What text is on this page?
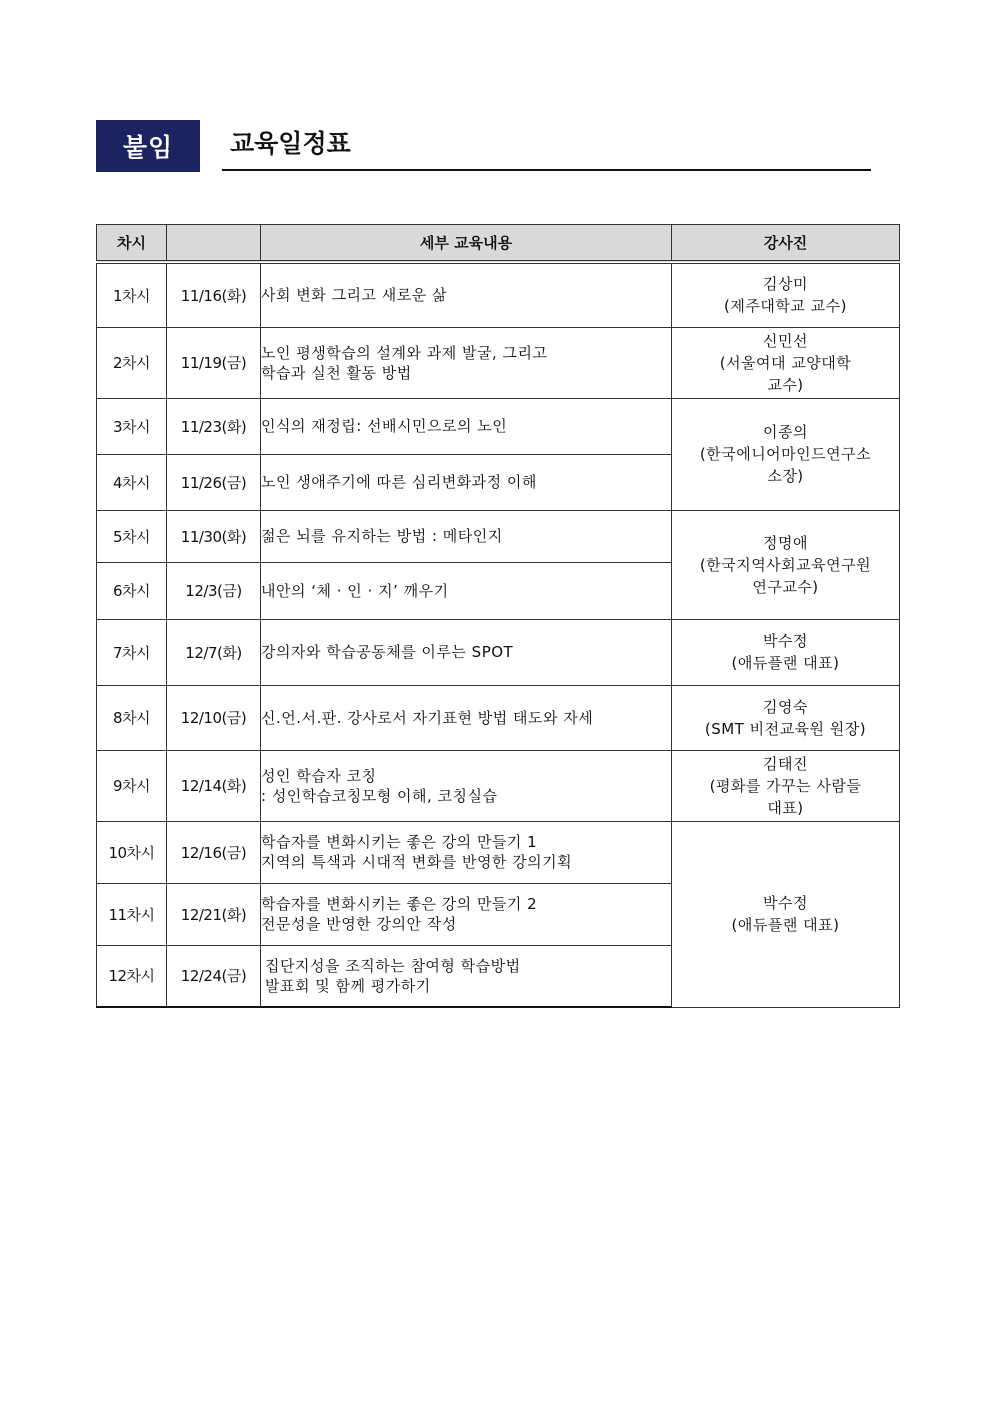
붙임	교육일정표
차시		세부 교육내용	강사진
1차시	11/16(화)	사회 변화 그리고 새로운 삶	김상미
(제주대학교 교수)

2차시	11/19(금)	노인 평생학습의 설계와 과제 발굴, 그리고
학습과 실천 활동 방법	신민선
(서울여대 교양대학
교수)

3차시	11/23(화)	인식의 재정립: 선배시민으로의 노인	이종의
(한국에니어마인드연구소
소장)

4차시	11/26(금)	노인 생애주기에 따른 심리변화과정 이해	

5차시	11/30(화)	젊은 뇌를 유지하는 방법 : 메타인지	정명애
(한국지역사회교육연구원
연구교수)

6차시	12/3(금)	내안의 ‘체 · 인 · 지’ 깨우기	

7차시	12/7(화)	강의자와 학습공동체를 이루는 SPOT	박수정
(애듀플랜 대표)

8차시	12/10(금)	신.언.서.판. 강사로서 자기표현 방법 태도와 자세	김영숙
(SMT 비전교육원 원장)

9차시	12/14(화)	성인 학습자 코칭
: 성인학습코칭모형 이해, 코칭실습	김태진
(평화를 가꾸는 사람들
대표)

10차시	12/16(금)	학습자를 변화시키는 좋은 강의 만들기 1
지역의 특색과 시대적 변화를 반영한 강의기획	박수정
(애듀플랜 대표)

11차시	12/21(화)	학습자를 변화시키는 좋은 강의 만들기 2
전문성을 반영한 강의안 작성	

12차시	12/24(금)	집단지성을 조직하는 참여형 학습방법
발표회 및 함께 평가하기	
